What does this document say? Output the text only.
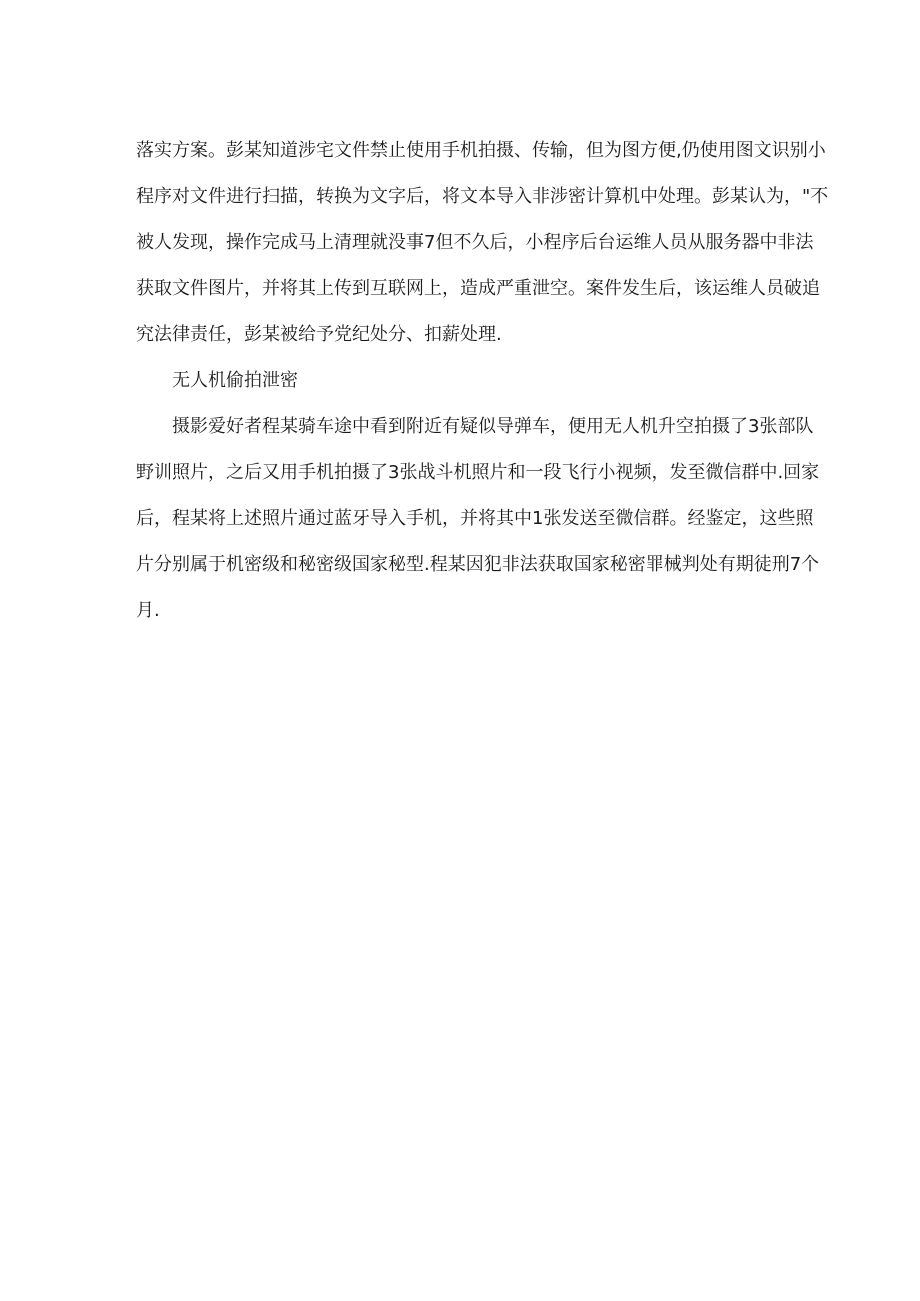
落实方案。彭某知道涉宅文件禁止使用手机拍摄、传输，但为图方便,仍使用图文识别小
程序对文件进行扫描，转换为文字后，将文本导入非涉密计算机中处理。彭某认为，"不
被人发现，操作完成马上清理就没事7但不久后，小程序后台运维人员从服务器中非法
获取文件图片，并将其上传到互联网上，造成严重泄空。案件发生后，该运维人员破追
究法律责任，彭某被给予党纪处分、扣薪处理.
无人机偷拍泄密
摄影爱好者程某骑车途中看到附近有疑似导弹车，便用无人机升空拍摄了3张部队
野训照片，之后又用手机拍摄了3张战斗机照片和一段飞行小视频，发至微信群中.回家
后，程某将上述照片通过蓝牙导入手机，并将其中1张发送至微信群。经鉴定，这些照
片分别属于机密级和秘密级国家秘型.程某因犯非法获取国家秘密罪械判处有期徒刑7个
月.
